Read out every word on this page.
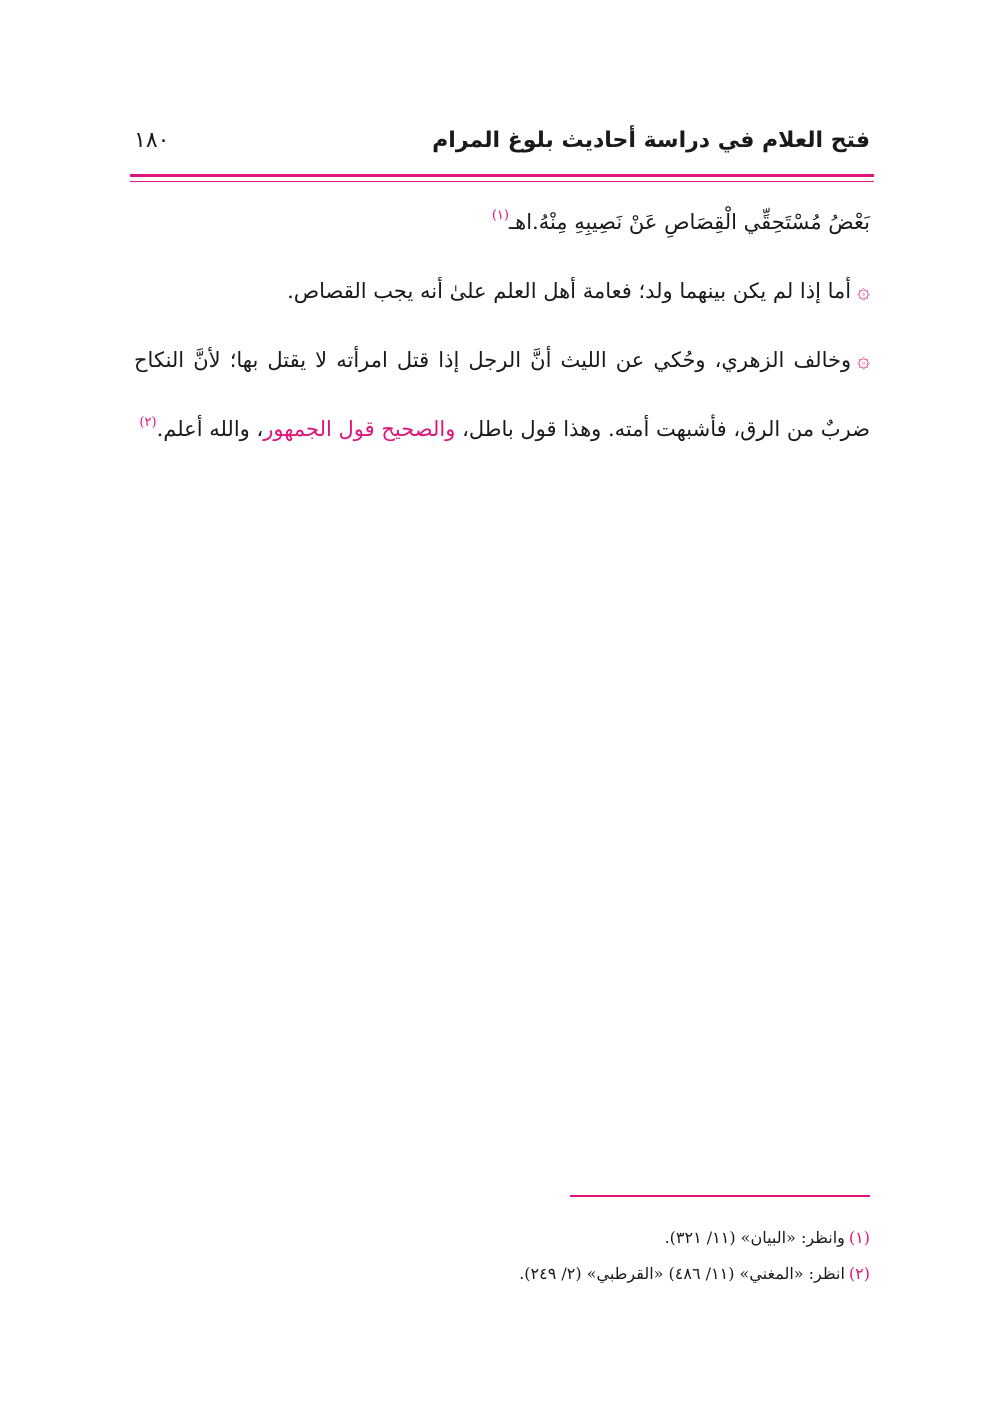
فتح العلام في دراسة أحاديث بلوغ المرام
١٨٠

بَعْضُ مُسْتَحِقِّي الْقِصَاصِ عَنْ نَصِيبِهِ مِنْهُ.اهـ$^{(١)}$

۞أما إذا لم يكن بينهما ولد؛ فعامة أهل العلم علىٰ أنه يجب القصاص.

۞وخالف الزهري، وحُكي عن الليث أنَّ الرجل إذا قتل امرأته لا يقتل بها؛ لأنَّ النكاح ضربٌ من الرق، فأشبهت أمته. وهذا قول باطل، والصحيح قول الجمهور، والله أعلم.$^{(٢)}$

(١)وانظر: «البيان» (١١/ ٣٢١).

(٢)انظر: «المغني» (١١/ ٤٨٦) «القرطبي» (٢/ ٢٤٩).
